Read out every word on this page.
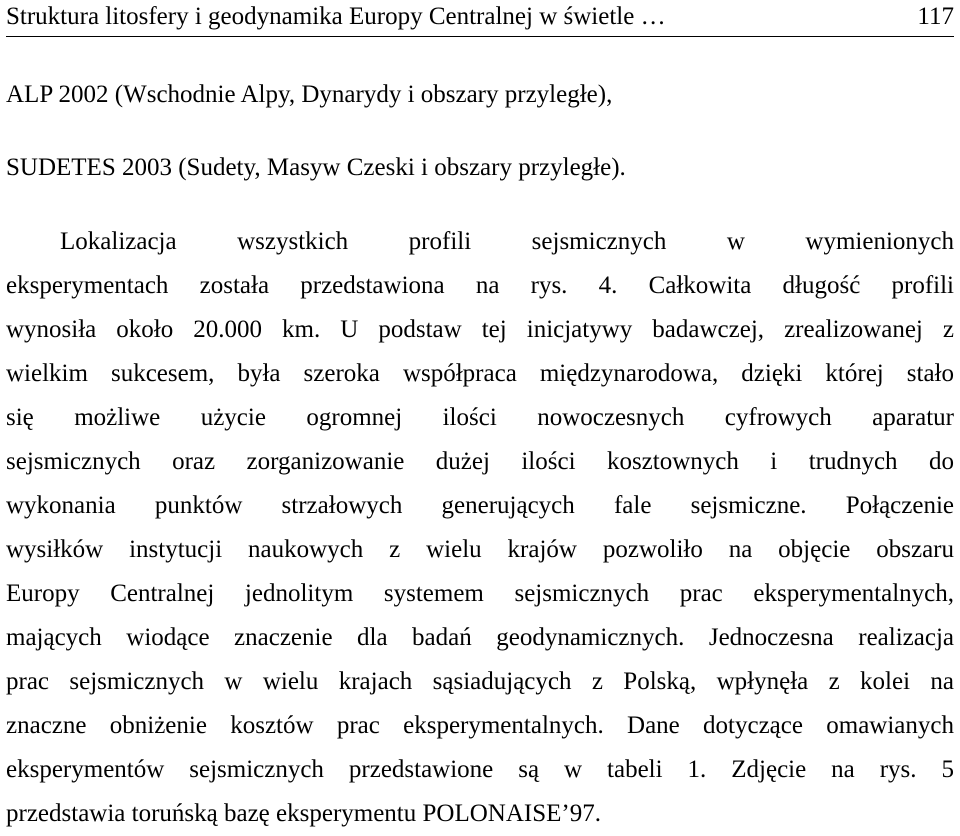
Struktura litosfery i geodynamika Europy Centralnej w świetle …	117
ALP 2002 (Wschodnie Alpy, Dynarydy i obszary przyległe),
SUDETES 2003 (Sudety, Masyw Czeski i obszary przyległe).
Lokalizacja wszystkich profili sejsmicznych w wymienionych
eksperymentach została przedstawiona na rys. 4. Całkowita długość profili
wynosiła około 20.000 km. U podstaw tej inicjatywy badawczej, zrealizowanej z
wielkim sukcesem, była szeroka współpraca międzynarodowa, dzięki której stało
się możliwe użycie ogromnej ilości nowoczesnych cyfrowych aparatur
sejsmicznych oraz zorganizowanie dużej ilości kosztownych i trudnych do
wykonania punktów strzałowych generujących fale sejsmiczne. Połączenie
wysiłków instytucji naukowych z wielu krajów pozwoliło na objęcie obszaru
Europy Centralnej jednolitym systemem sejsmicznych prac eksperymentalnych,
mających wiodące znaczenie dla badań geodynamicznych. Jednoczesna realizacja
prac sejsmicznych w wielu krajach sąsiadujących z Polską, wpłynęła z kolei na
znaczne obniżenie kosztów prac eksperymentalnych. Dane dotyczące omawianych
eksperymentów sejsmicznych przedstawione są w tabeli 1. Zdjęcie na rys. 5
przedstawia toruńską bazę eksperymentu POLONAISE’97.
